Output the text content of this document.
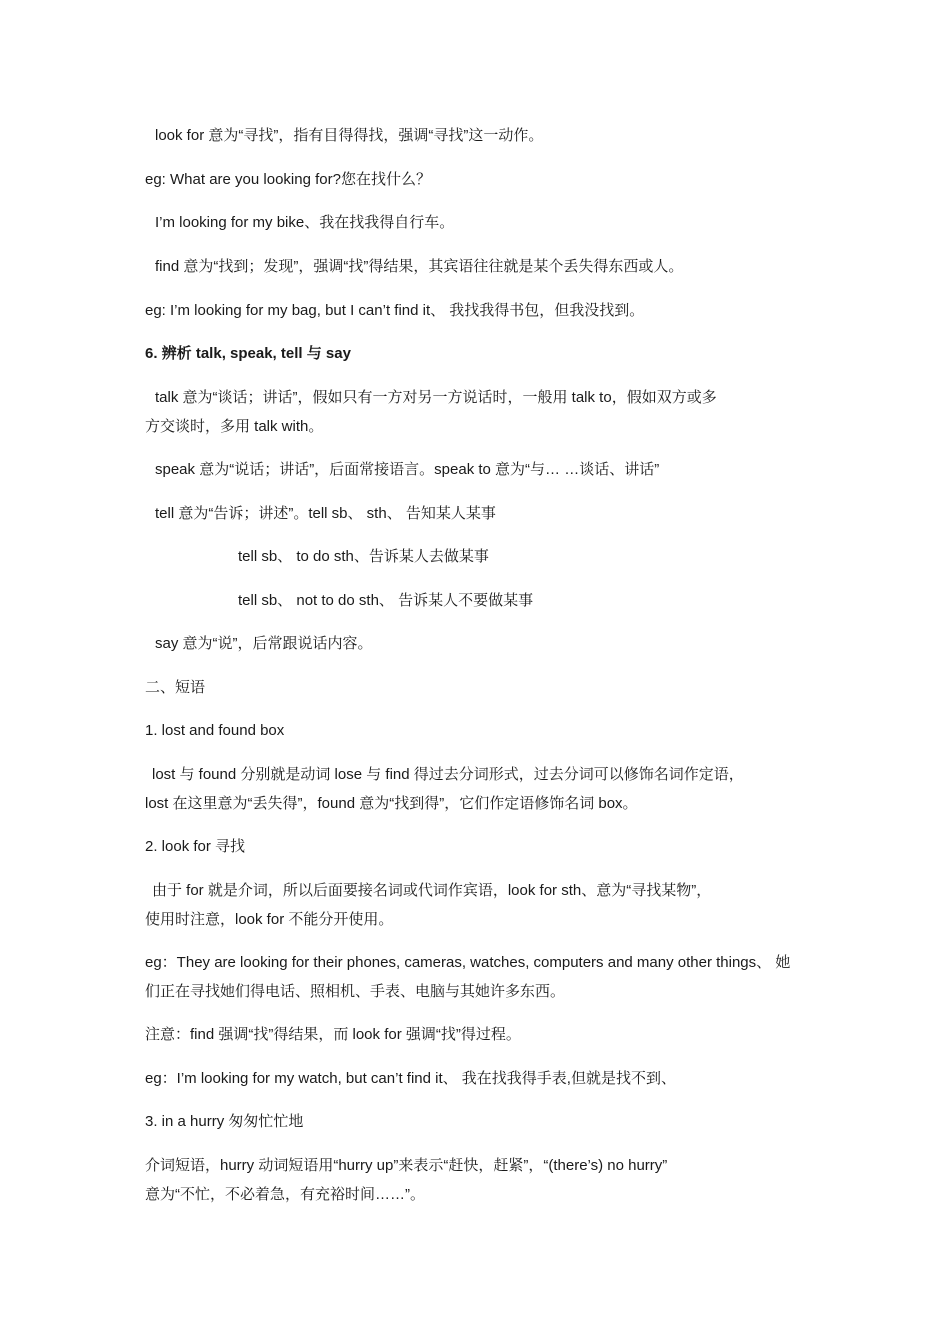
look for 意为“寻找”，指有目得得找，强调“寻找”这一动作。
eg: What are you looking for?您在找什么？
I’m looking for my bike、我在找我得自行车。
find 意为“找到；发现”，强调“找”得结果，其宾语往往就是某个丢失得东西或人。
eg: I’m looking for my bag, but I can’t find it、 我找我得书包，但我没找到。
6. 辨析 talk, speak, tell 与 say
talk 意为“谈话；讲话”，假如只有一方对另一方说话时，一般用 talk to，假如双方或多
方交谈时，多用 talk with。
speak 意为“说话；讲话”，后面常接语言。speak to 意为“与… …谈话、讲话”
tell 意为“告诉；讲述”。tell sb、 sth、 告知某人某事
tell sb、 to do sth、告诉某人去做某事
tell sb、 not to do sth、 告诉某人不要做某事
say 意为“说”，后常跟说话内容。
二、短语
1. lost and found box
lost 与 found 分别就是动词 lose 与 find 得过去分词形式，过去分词可以修饰名词作定语，
lost 在这里意为“丢失得”，found 意为“找到得”，它们作定语修饰名词 box。
2. look for 寻找
由于 for 就是介词，所以后面要接名词或代词作宾语，look for sth、意为“寻找某物”，
使用时注意，look for 不能分开使用。
eg：They are looking for their phones, cameras, watches, computers and many other things、 她
们正在寻找她们得电话、照相机、手表、电脑与其她许多东西。
注意：find 强调“找”得结果，而 look for 强调“找”得过程。
eg：I’m looking for my watch, but can’t find it、 我在找我得手表,但就是找不到、
3. in a hurry 匆匆忙忙地
介词短语，hurry 动词短语用“hurry up”来表示“赶快，赶紧”，“(there’s) no hurry”
意为“不忙，不必着急，有充裕时间……”。
